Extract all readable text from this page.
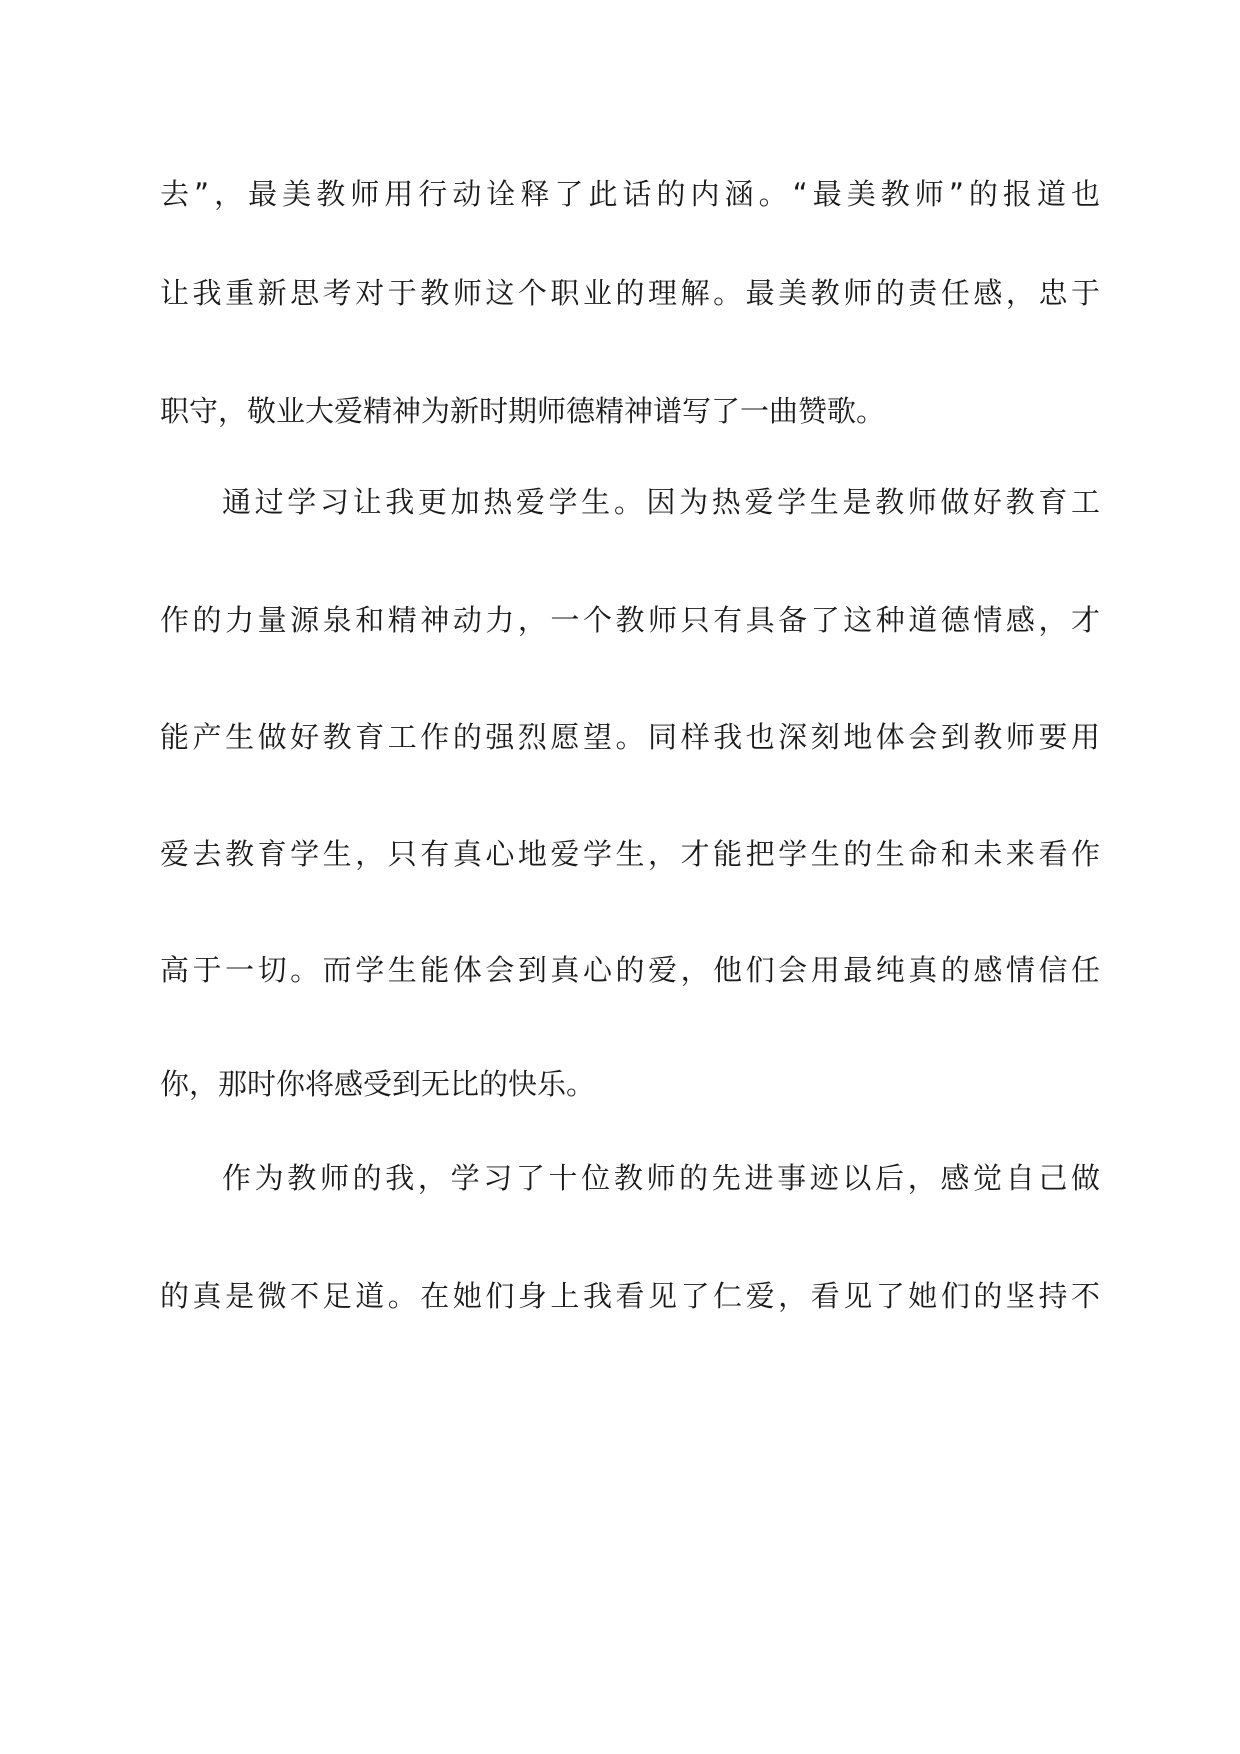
去”，最美教师用行动诠释了此话的内涵。“最美教师”的报道也
让我重新思考对于教师这个职业的理解。最美教师的责任感，忠于
职守，敬业大爱精神为新时期师德精神谱写了一曲赞歌。
通过学习让我更加热爱学生。因为热爱学生是教师做好教育工
作的力量源泉和精神动力，一个教师只有具备了这种道德情感，才
能产生做好教育工作的强烈愿望。同样我也深刻地体会到教师要用
爱去教育学生，只有真心地爱学生，才能把学生的生命和未来看作
高于一切。而学生能体会到真心的爱，他们会用最纯真的感情信任
你，那时你将感受到无比的快乐。
作为教师的我，学习了十位教师的先进事迹以后，感觉自己做
的真是微不足道。在她们身上我看见了仁爱，看见了她们的坚持不
